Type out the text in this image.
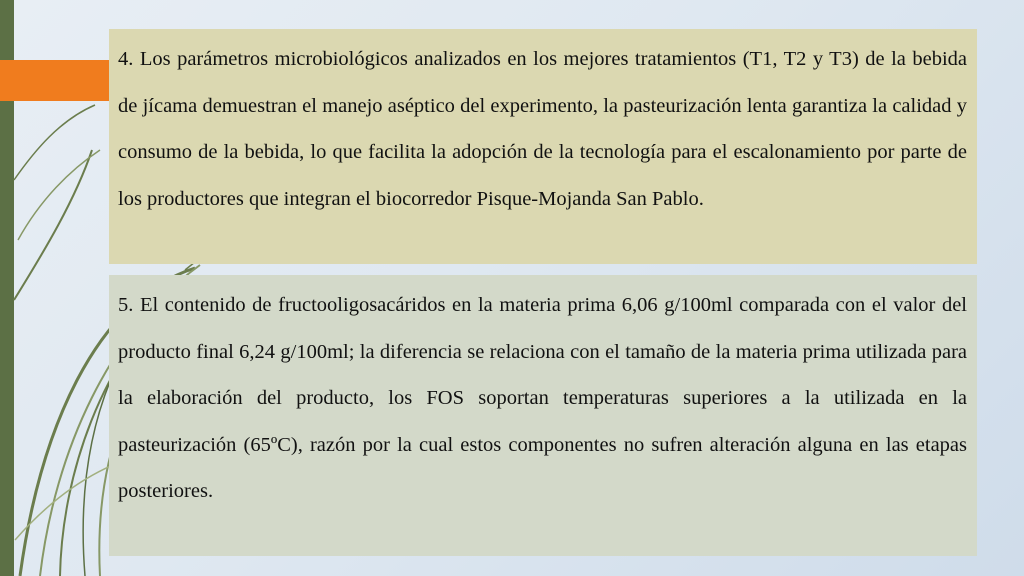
4. Los parámetros microbiológicos analizados en los mejores tratamientos (T1, T2 y T3) de la bebida de jícama demuestran el manejo aséptico del experimento, la pasteurización lenta garantiza la calidad y consumo de la bebida, lo que facilita la adopción de la tecnología para el escalonamiento por parte de los productores que integran el biocorredor Pisque-Mojanda San Pablo.

5. El contenido de fructooligosacáridos en la materia prima 6,06 g/100ml comparada con el valor del producto final 6,24 g/100ml; la diferencia se relaciona con el tamaño de la materia prima utilizada para la elaboración del producto, los FOS soportan temperaturas superiores a la utilizada en la pasteurización (65ºC), razón por la cual estos componentes no sufren alteración alguna en las etapas posteriores.
